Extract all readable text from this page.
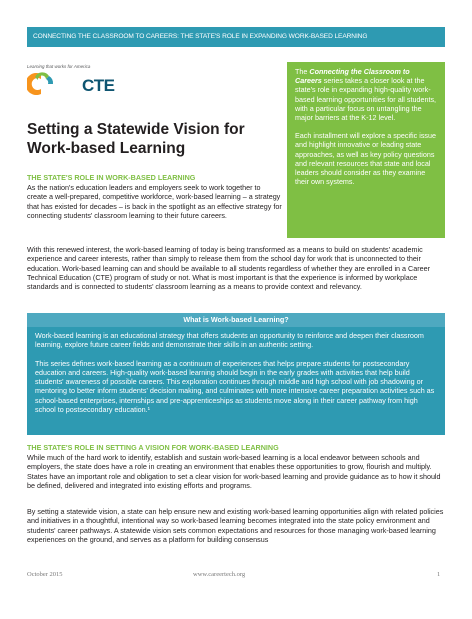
CONNECTING THE CLASSROOM TO CAREERS: THE STATE'S ROLE IN EXPANDING WORK-BASED LEARNING
Learning that works for America
CTE

The Connecting the Classroom to Careers series takes a closer look at the state's role in expanding high-quality work-based learning opportunities for all students, with a particular focus on untangling the major barriers at the K-12 level.

Each installment will explore a specific issue and highlight innovative or leading state approaches, as well as key policy questions and relevant resources that state and local leaders should consider as they examine their own systems.

Setting a Statewide Vision for Work-based Learning
THE STATE'S ROLE IN WORK-BASED LEARNING

As the nation's education leaders and employers seek to work together to create a well-prepared, competitive workforce, work-based learning – a strategy that has existed for decades – is back in the spotlight as an effective strategy for connecting students' classroom learning to their future careers.

With this renewed interest, the work-based learning of today is being transformed as a means to build on students' academic experience and career interests, rather than simply to release them from the school day for work that is unconnected to their education. Work-based learning can and should be available to all students regardless of whether they are enrolled in a Career Technical Education (CTE) program of study or not. What is most important is that the experience is informed by workplace standards and is connected to students' classroom learning as a means to provide context and relevancy.

What is Work-based Learning?

Work-based learning is an educational strategy that offers students an opportunity to reinforce and deepen their classroom learning, explore future career fields and demonstrate their skills in an authentic setting.

This series defines work-based learning as a continuum of experiences that helps prepare students for postsecondary education and careers. High-quality work-based learning should begin in the early grades with activities that help build students' awareness of possible careers. This exploration continues through middle and high school with job shadowing or mentoring to better inform students' decision making, and culminates with more intensive career preparation activities such as school-based enterprises, internships and pre-apprenticeships as students move along in their career pathway from high school to postsecondary education.¹

THE STATE'S ROLE IN SETTING A VISION FOR WORK-BASED LEARNING

While much of the hard work to identify, establish and sustain work-based learning is a local endeavor between schools and employers, the state does have a role in creating an environment that enables these opportunities to grow, flourish and multiply. States have an important role and obligation to set a clear vision for work-based learning and provide guidance as to how it should be defined, delivered and integrated into existing efforts and programs.

By setting a statewide vision, a state can help ensure new and existing work-based learning opportunities align with related policies and initiatives in a thoughtful, intentional way so work-based learning becomes integrated into the state policy environment and students' career pathways. A statewide vision sets common expectations and resources for those managing work-based learning experiences on the ground, and serves as a platform for building consensus

October 2015	www.careertech.org	1
